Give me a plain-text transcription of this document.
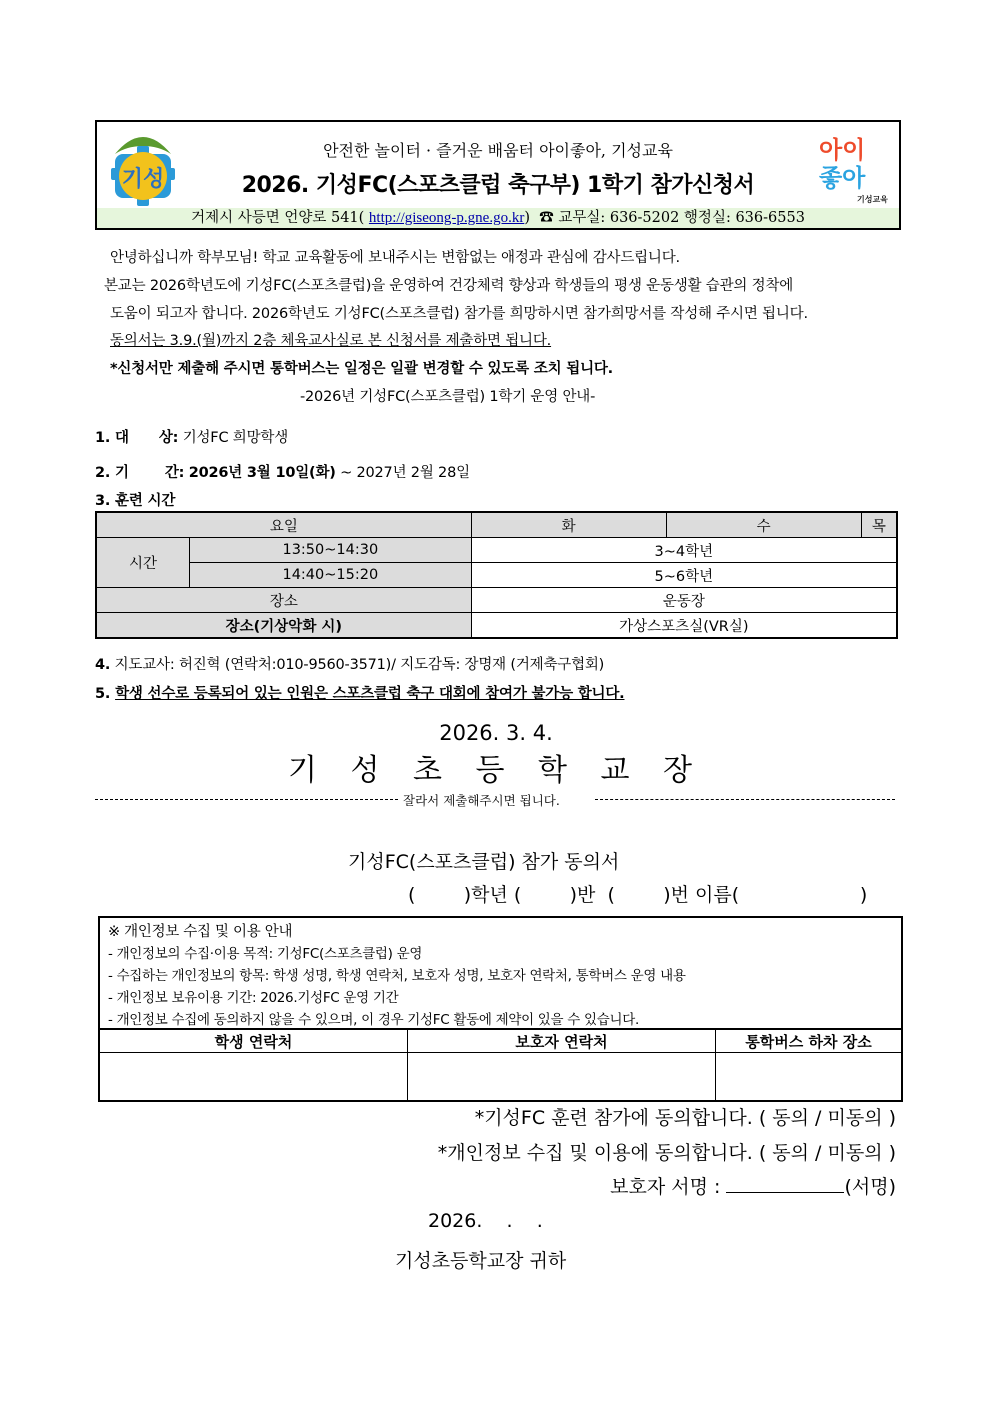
기성
안전한 놀이터 · 즐거운 배움터 아이좋아, 기성교육
2026. 기성FC(스포츠클럽 축구부) 1학기 참가신청서
아이
좋아
기성교육
거제시 사등면 언양로 541( http://giseong-p.gne.go.kr) ☎ 교무실: 636-5202 행정실: 636-6553
안녕하십니까 학부모님! 학교 교육활동에 보내주시는 변함없는 애정과 관심에 감사드립니다.
본교는 2026학년도에 기성FC(스포츠클럽)을 운영하여 건강체력 향상과 학생들의 평생 운동생활 습관의 정착에
도움이 되고자 합니다. 2026학년도 기성FC(스포츠클럽) 참가를 희망하시면 참가희망서를 작성해 주시면 됩니다.
동의서는 3.9.(월)까지 2층 체육교사실로 본 신청서를 제출하면 됩니다.
*신청서만 제출해 주시면 통학버스는 일정은 일괄 변경할 수 있도록 조치 됩니다.
-2026년 기성FC(스포츠클럽) 1학기 운영 안내-
1. 대 상: 기성FC 희망학생
2. 기 간: 2026년 3월 10일(화) ~ 2027년 2월 28일
3. 훈련 시간
요일		화	수	목
시간	13:50~14:30	3~4학년		
	14:40~15:20	5~6학년		
장소		운동장		
장소(기상악화 시)		가상스포츠실(VR실)		
4. 지도교사: 허진혁 (연락처:010-9560-3571)/ 지도감독: 장명재 (거제축구협회)
5. 학생 선수로 등록되어 있는 인원은 스포츠클럽 축구 대회에 참여가 불가능 합니다.
2026. 3. 4.
기 성 초 등 학 교 장
잘라서 제출해주시면 됩니다.
기성FC(스포츠클럽) 참가 동의서
(        )학년 (        )반  (        )번 이름(                    )
※ 개인정보 수집 및 이용 안내
- 개인정보의 수집·이용 목적: 기성FC(스포츠클럽) 운영
- 수집하는 개인정보의 항목: 학생 성명, 학생 연락처, 보호자 성명, 보호자 연락처, 통학버스 운영 내용
- 개인정보 보유이용 기간: 2026.기성FC 운영 기간
- 개인정보 수집에 동의하지 않을 수 있으며, 이 경우 기성FC 활동에 제약이 있을 수 있습니다.
학생 연락처	보호자 연락처	통학버스 하차 장소

*기성FC 훈련 참가에 동의합니다. ( 동의 / 미동의 )
*개인정보 수집 및 이용에 동의합니다. ( 동의 / 미동의 )
보호자 서명 :	(서명)
2026.    .    .
기성초등학교장 귀하
